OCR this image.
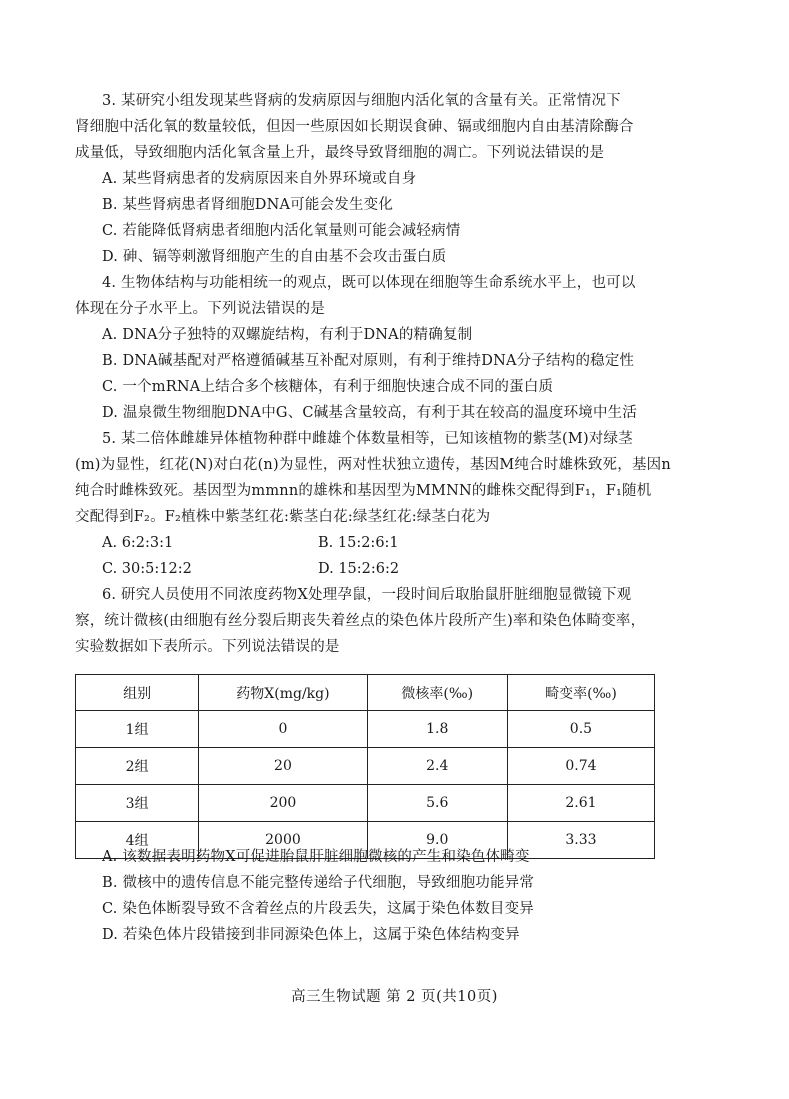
3. 某研究小组发现某些肾病的发病原因与细胞内活化氧的含量有关。正常情况下
肾细胞中活化氧的数量较低，但因一些原因如长期误食砷、镉或细胞内自由基清除酶合
成量低，导致细胞内活化氧含量上升，最终导致肾细胞的凋亡。下列说法错误的是
A. 某些肾病患者的发病原因来自外界环境或自身
B. 某些肾病患者肾细胞DNA可能会发生变化
C. 若能降低肾病患者细胞内活化氧量则可能会减轻病情
D. 砷、镉等刺激肾细胞产生的自由基不会攻击蛋白质
4. 生物体结构与功能相统一的观点，既可以体现在细胞等生命系统水平上，也可以
体现在分子水平上。下列说法错误的是
A. DNA分子独特的双螺旋结构，有利于DNA的精确复制
B. DNA碱基配对严格遵循碱基互补配对原则，有利于维持DNA分子结构的稳定性
C. 一个mRNA上结合多个核糖体，有利于细胞快速合成不同的蛋白质
D. 温泉微生物细胞DNA中G、C碱基含量较高，有利于其在较高的温度环境中生活
5. 某二倍体雌雄异体植物种群中雌雄个体数量相等，已知该植物的紫茎(M)对绿茎
(m)为显性，红花(N)对白花(n)为显性，两对性状独立遗传，基因M纯合时雄株致死，基因n
纯合时雌株致死。基因型为mmnn的雄株和基因型为MMNN的雌株交配得到F₁，F₁随机
交配得到F₂。F₂植株中紫茎红花:紫茎白花:绿茎红花:绿茎白花为
A. 6:2:3:1	B. 15:2:6:1
C. 30:5:12:2	D. 15:2:6:2
6. 研究人员使用不同浓度药物X处理孕鼠，一段时间后取胎鼠肝脏细胞显微镜下观
察，统计微核(由细胞有丝分裂后期丧失着丝点的染色体片段所产生)率和染色体畸变率，
实验数据如下表所示。下列说法错误的是
组别	药物X(mg/kg)	微核率(‰)	畸变率(‰)
1组	0	1.8	0.5
2组	20	2.4	0.74
3组	200	5.6	2.61
4组	2000	9.0	3.33
A. 该数据表明药物X可促进胎鼠肝脏细胞微核的产生和染色体畸变
B. 微核中的遗传信息不能完整传递给子代细胞，导致细胞功能异常
C. 染色体断裂导致不含着丝点的片段丢失，这属于染色体数目变异
D. 若染色体片段错接到非同源染色体上，这属于染色体结构变异
高三生物试题 第 2 页(共10页)
